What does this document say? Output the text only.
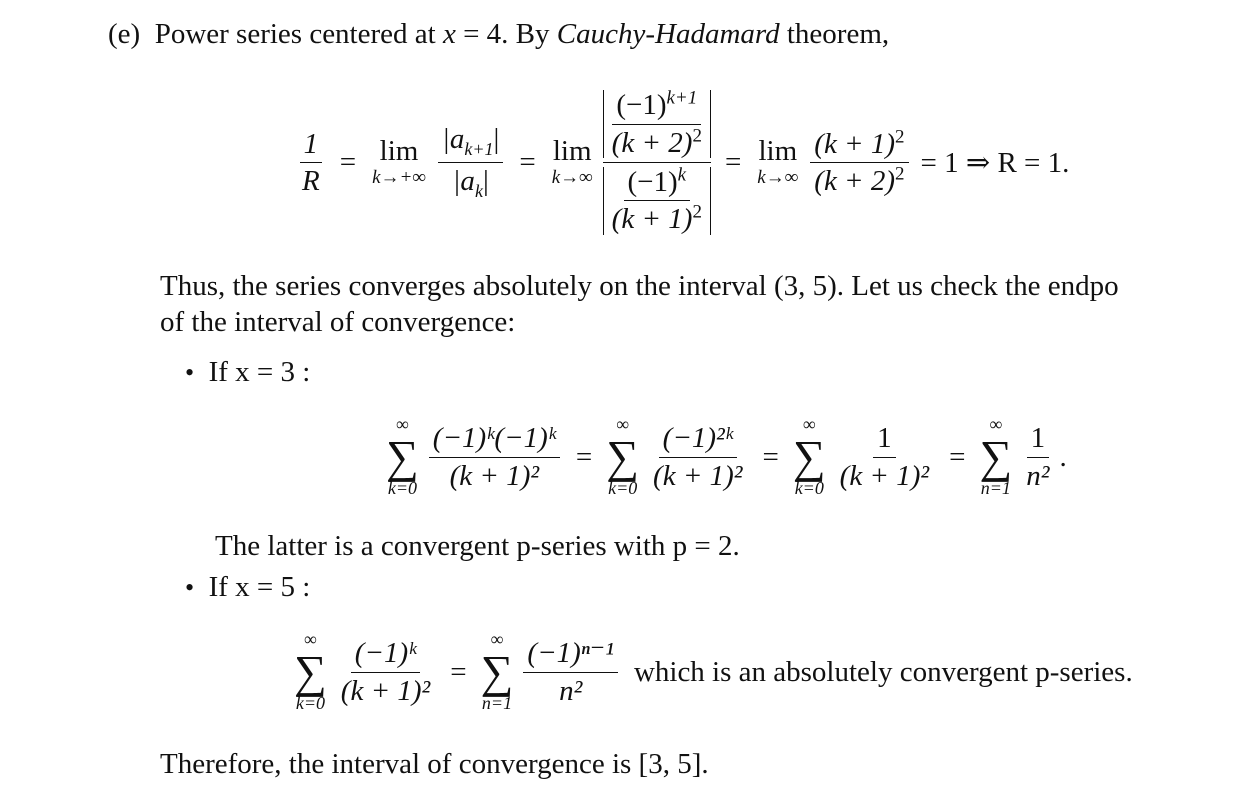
(e) Power series centered at x = 4. By Cauchy-Hadamard theorem,
$\frac{1}{R} = \lim$
$k\to+\infty \frac{|a_{k+1}|}{|a_k|} = \lim$
$k\to\infty \frac{\frac{(-1)^{k+1}}{(k + 2)^2}}{\frac{(-1)^k}{(k + 1)^2}} = \lim$
$k\to\infty \frac{(k + 1)^2}{(k + 2)^2} = 1$ ⇒ R = 1.
Thus, the series converges absolutely on the interval (3, 5). Let us check the endpo
of the interval of convergence:
• If x = 3 :
∞
∑
$k=0 \frac{\text{(−1)ᵏ(−1)ᵏ}}{\text{(k + 1)²}}$ =
∞
∑
$k=0 \frac{\text{(−1)²ᵏ}}{\text{(k + 1)²}}$ =
∞
∑
$k=0 \frac{1}{\text{(k + 1)²}}$ =
∞
∑
$n=1 \frac{1}{\text{n²}}$ .
The latter is a convergent p-series with p = 2.
• If x = 5 :
∞
∑
$k=0 \frac{\text{(−1)ᵏ}}{\text{(k + 1)²}}$ =
∞
∑
$n=1 \frac{\text{(−1)ⁿ⁻¹}}{\text{n²}}$ which is an absolutely convergent p-series.
Therefore, the interval of convergence is [3, 5].
